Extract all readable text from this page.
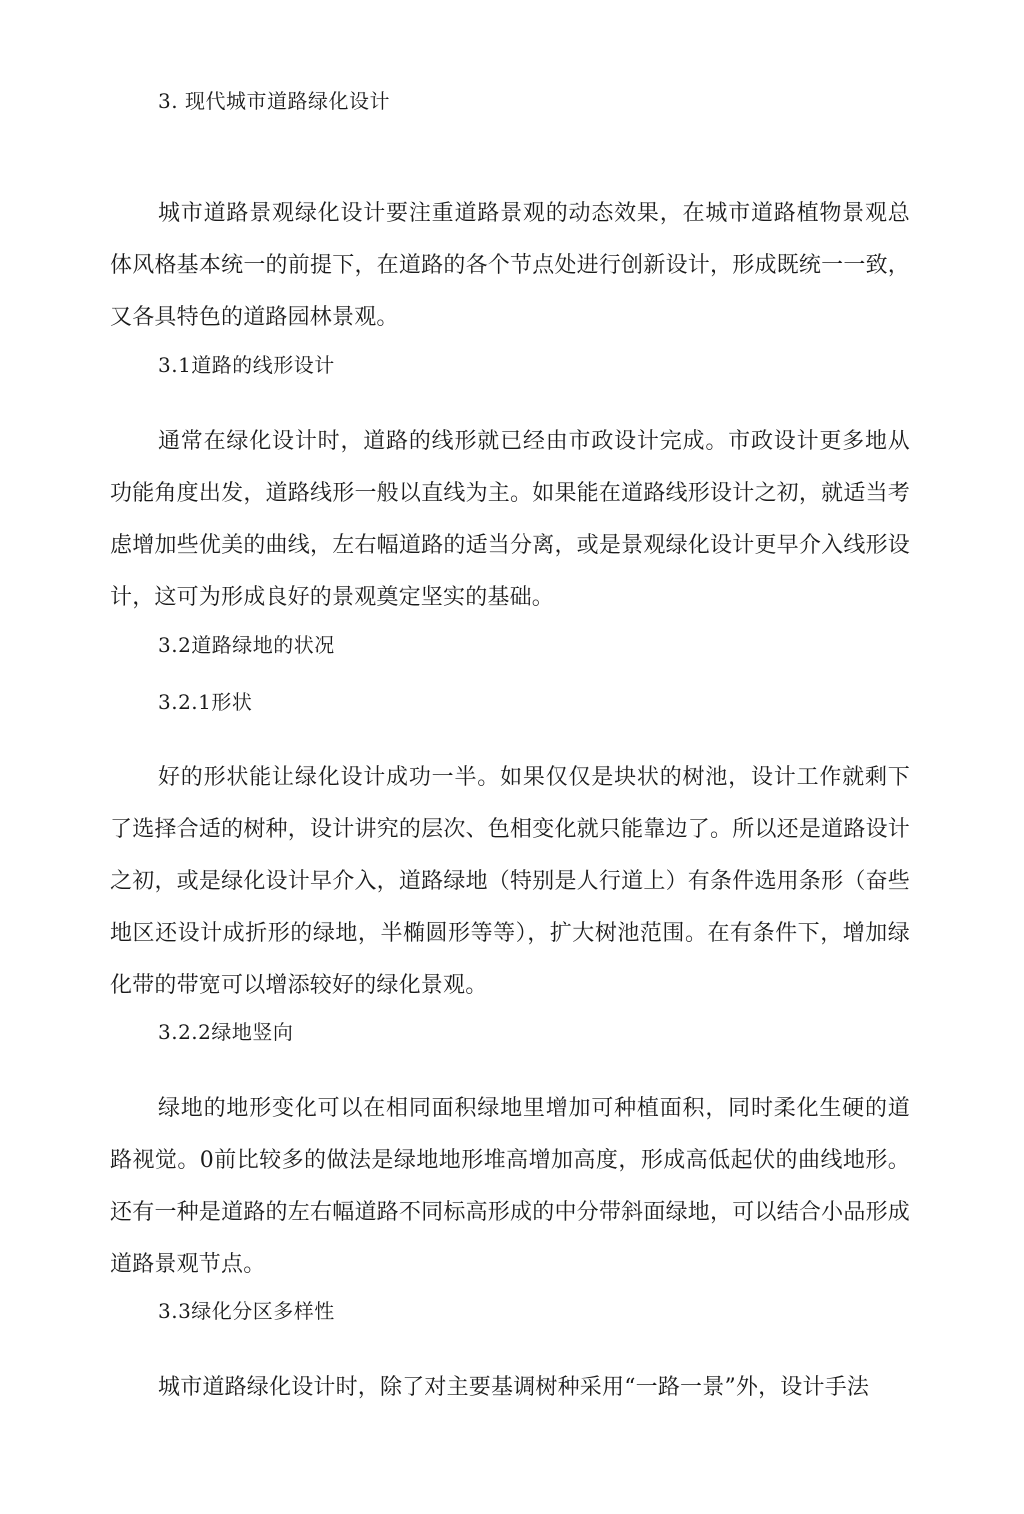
3. 现代城市道路绿化设计
城市道路景观绿化设计要注重道路景观的动态效果，在城市道路植物景观总体风格基本统一的前提下，在道路的各个节点处进行创新设计，形成既统一一致，又各具特色的道路园林景观。
3.1道路的线形设计
通常在绿化设计时，道路的线形就已经由市政设计完成。市政设计更多地从功能角度出发，道路线形一般以直线为主。如果能在道路线形设计之初，就适当考虑增加些优美的曲线，左右幅道路的适当分离，或是景观绿化设计更早介入线形设计，这可为形成良好的景观奠定坚实的基础。
3.2道路绿地的状况
3.2.1形状
好的形状能让绿化设计成功一半。如果仅仅是块状的树池，设计工作就剩下了选择合适的树种，设计讲究的层次、色相变化就只能靠边了。所以还是道路设计之初，或是绿化设计早介入，道路绿地（特别是人行道上）有条件选用条形（奋些地区还设计成折形的绿地，半椭圆形等等），扩大树池范围。在有条件下，增加绿化带的带宽可以增添较好的绿化景观。
3.2.2绿地竖向
绿地的地形变化可以在相同面积绿地里增加可种植面积，同时柔化生硬的道路视觉。0前比较多的做法是绿地地形堆高增加高度，形成高低起伏的曲线地形。还有一种是道路的左右幅道路不同标高形成的中分带斜面绿地，可以结合小品形成道路景观节点。
3.3绿化分区多样性
城市道路绿化设计时，除了对主要基调树种采用“一路一景”外，设计手法
